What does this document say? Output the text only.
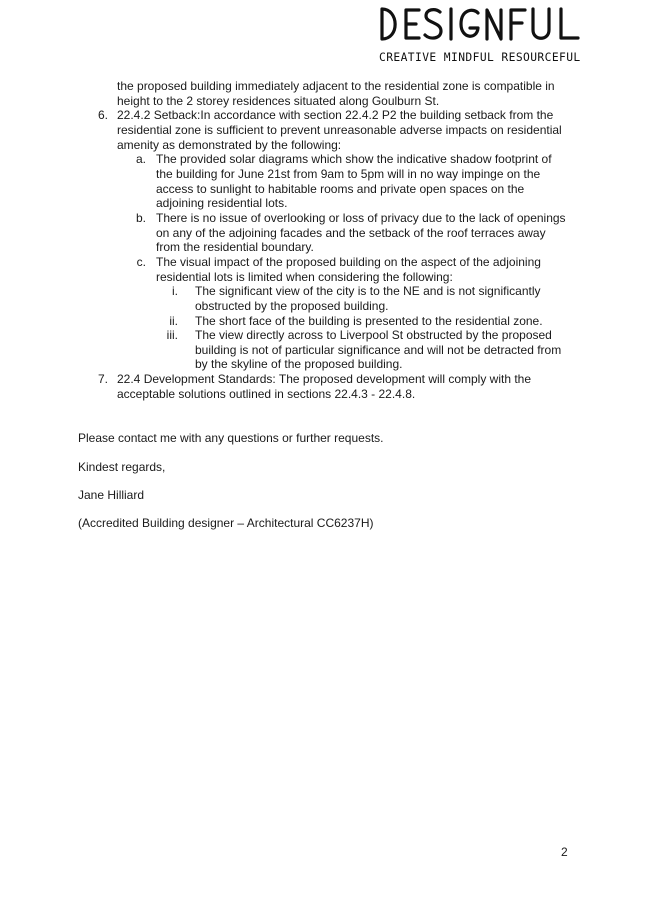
CREATIVE MINDFUL RESOURCEFUL
the proposed building immediately adjacent to the residential zone is compatible in
height to the 2 storey residences situated along Goulburn St.
6. 22.4.2 Setback:In accordance with section 22.4.2 P2 the building setback from the
residential zone is sufficient to prevent unreasonable adverse impacts on residential
amenity as demonstrated by the following:
a. The provided solar diagrams which show the indicative shadow footprint of
the building for June 21st from 9am to 5pm will in no way impinge on the
access to sunlight to habitable rooms and private open spaces on the
adjoining residential lots.
b. There is no issue of overlooking or loss of privacy due to the lack of openings
on any of the adjoining facades and the setback of the roof terraces away
from the residential boundary.
c. The visual impact of the proposed building on the aspect of the adjoining
residential lots is limited when considering the following:
i. The significant view of the city is to the NE and is not significantly
obstructed by the proposed building.
ii. The short face of the building is presented to the residential zone.
iii. The view directly across to Liverpool St obstructed by the proposed
building is not of particular significance and will not be detracted from
by the skyline of the proposed building.
7. 22.4 Development Standards: The proposed development will comply with the
acceptable solutions outlined in sections 22.4.3 - 22.4.8.
Please contact me with any questions or further requests.
Kindest regards,
Jane Hilliard
(Accredited Building designer – Architectural CC6237H)
2
